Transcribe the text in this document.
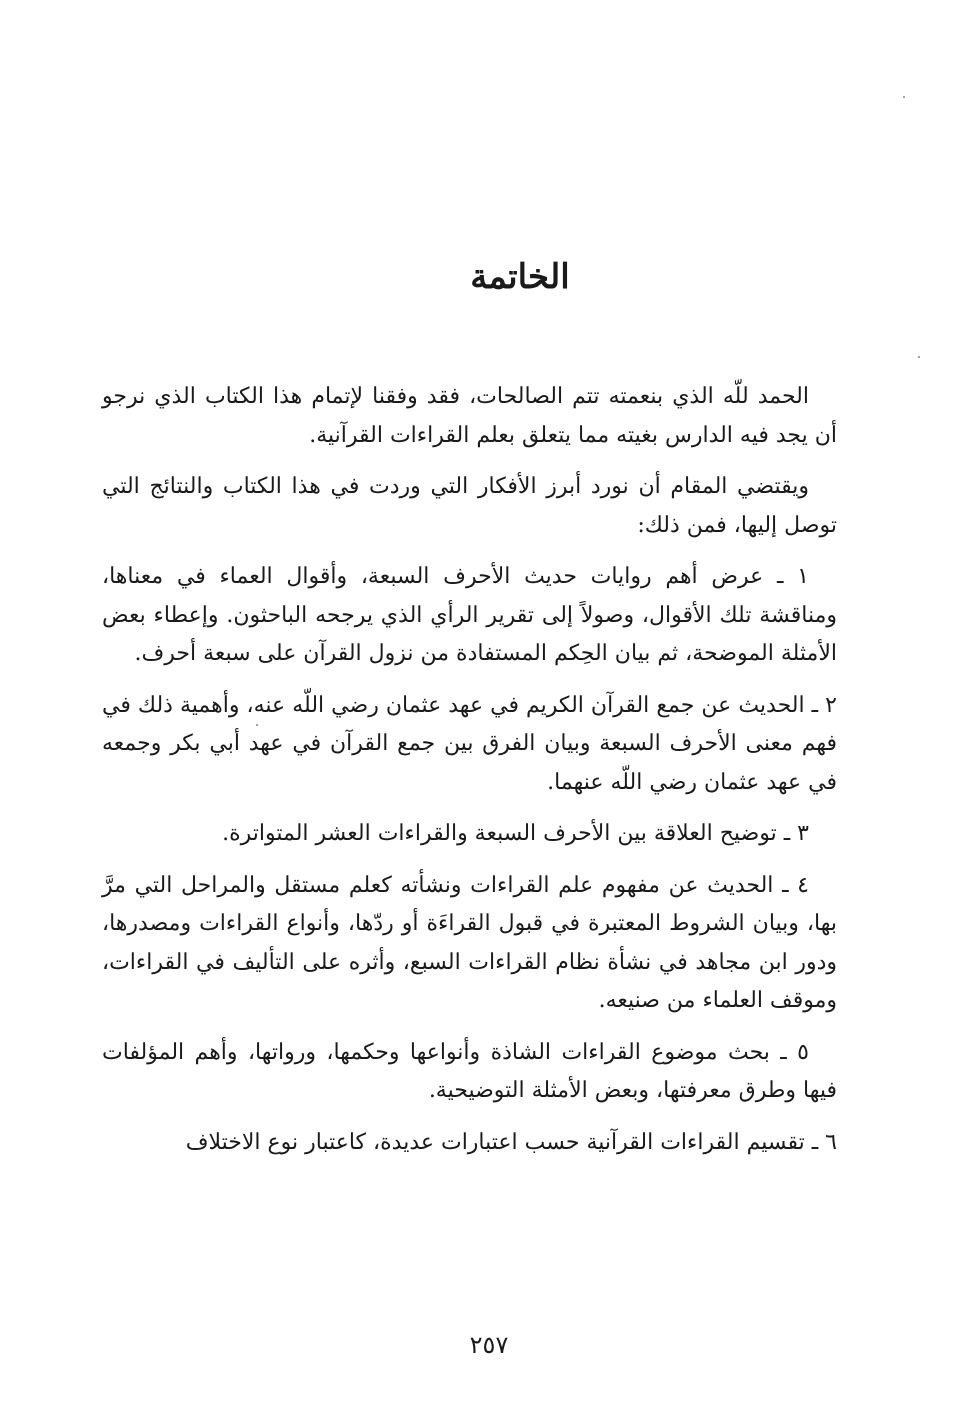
الخاتمة

الحمد للّه الذي بنعمته تتم الصالحات، فقد وفقنا لإتمام هذا الكتاب الذي نرجو أن يجد فيه الدارس بغيته مما يتعلق بعلم القراءات القرآنية.

ويقتضي المقام أن نورد أبرز الأفكار التي وردت في هذا الكتاب والنتائج التي توصل إليها، فمن ذلك:

١ ـ عرض أهم روايات حديث الأحرف السبعة، وأقوال العماء في معناها، ومناقشة تلك الأقوال، وصولاً إلى تقرير الرأي الذي يرجحه الباحثون. وإعطاء بعض الأمثلة الموضحة، ثم بيان الحِكم المستفادة من نزول القرآن على سبعة أحرف.

٢ ـ الحديث عن جمع القرآن الكريم في عهد عثمان رضي اللّه عنه، وأهمية ذلك في فهم معنى الأحرف السبعة وبيان الفرق بين جمع القرآن في عهد أبي بكر وجمعه في عهد عثمان رضي اللّه عنهما.

٣ ـ توضيح العلاقة بين الأحرف السبعة والقراءات العشر المتواترة.

٤ ـ الحديث عن مفهوم علم القراءات ونشأته كعلم مستقل والمراحل التي مرَّ بها، وبيان الشروط المعتبرة في قبول القراءَة أو ردّها، وأنواع القراءات ومصدرها، ودور ابن مجاهد في نشأة نظام القراءات السبع، وأثره على التأليف في القراءات، وموقف العلماء من صنيعه.

٥ ـ بحث موضوع القراءات الشاذة وأنواعها وحكمها، ورواتها، وأهم المؤلفات فيها وطرق معرفتها، وبعض الأمثلة التوضيحية.

٦ ـ تقسيم القراءات القرآنية حسب اعتبارات عديدة، كاعتبار نوع الاختلاف

٢٥٧
